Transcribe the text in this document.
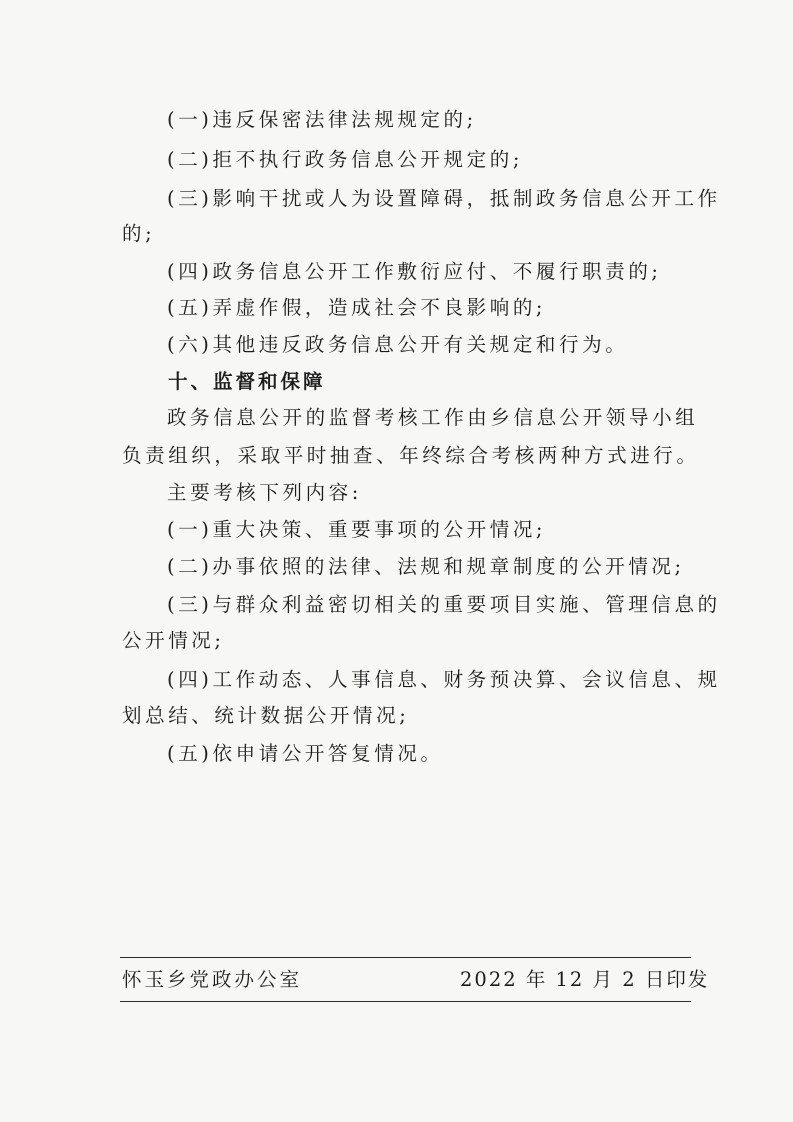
(一)违反保密法律法规规定的;
(二)拒不执行政务信息公开规定的;
(三)影响干扰或人为设置障碍，抵制政务信息公开工作
的;
(四)政务信息公开工作敷衍应付、不履行职责的;
(五)弄虚作假，造成社会不良影响的;
(六)其他违反政务信息公开有关规定和行为。
十、监督和保障
政务信息公开的监督考核工作由乡信息公开领导小组
负责组织，采取平时抽查、年终综合考核两种方式进行。
主要考核下列内容:
(一)重大决策、重要事项的公开情况;
(二)办事依照的法律、法规和规章制度的公开情况;
(三)与群众利益密切相关的重要项目实施、管理信息的
公开情况;
(四)工作动态、人事信息、财务预决算、会议信息、规
划总结、统计数据公开情况;
(五)依申请公开答复情况。
怀玉乡党政办公室	2022 年 12 月 2 日印发
